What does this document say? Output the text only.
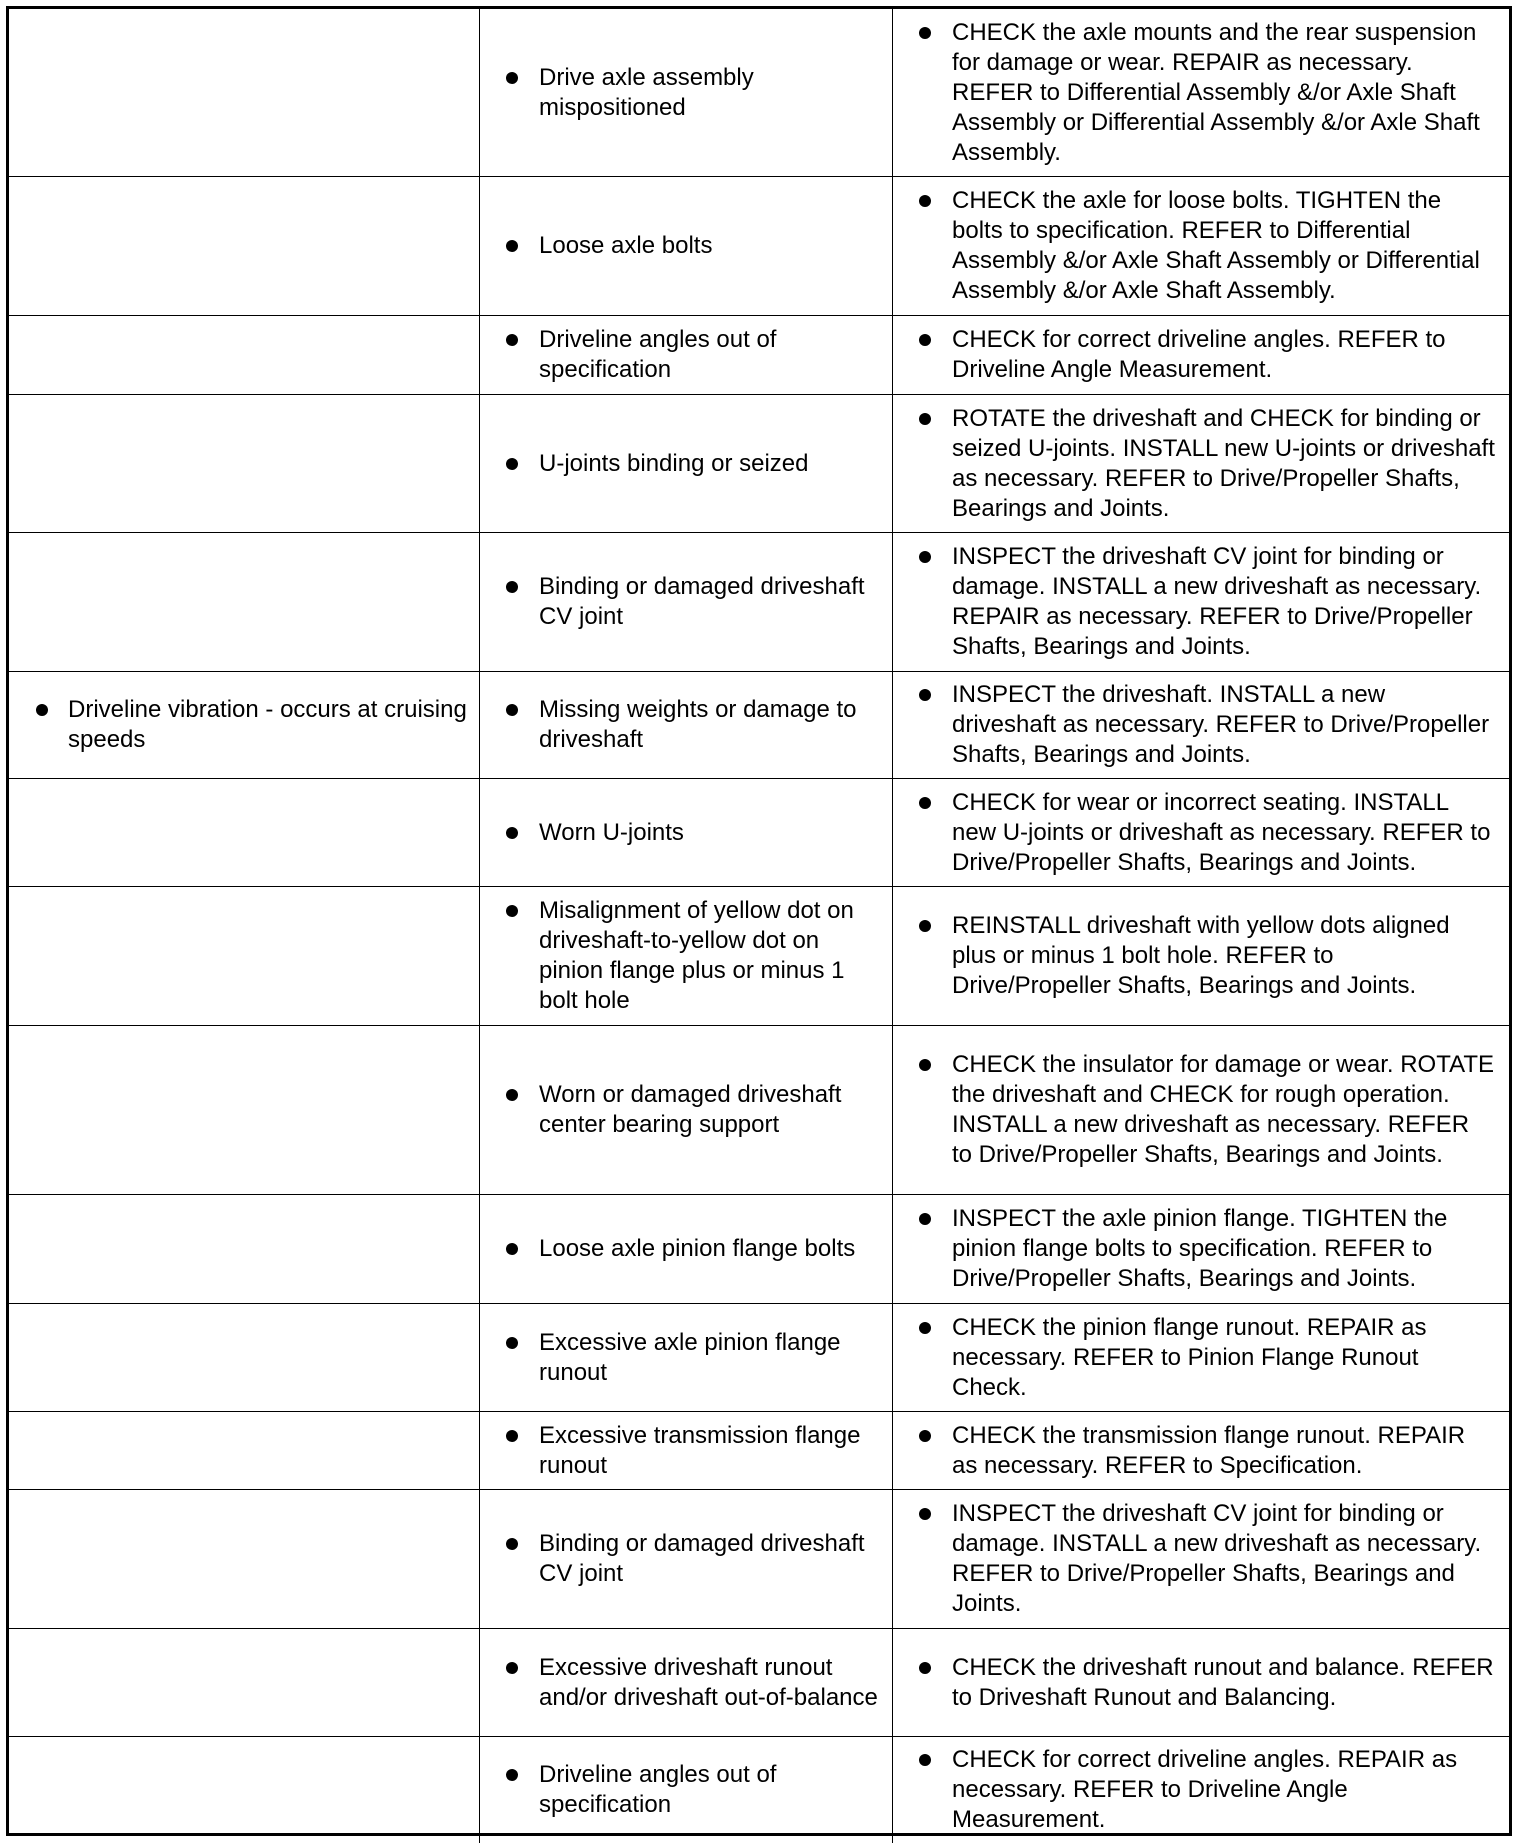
Drive axle assembly mispositioned
CHECK the axle mounts and the rear suspension for damage or wear. REPAIR as necessary. REFER to Differential Assembly &/or Axle Shaft Assembly or Differential Assembly &/or Axle Shaft Assembly.
Loose axle bolts
CHECK the axle for loose bolts. TIGHTEN the bolts to specification. REFER to Differential Assembly &/or Axle Shaft Assembly or Differential Assembly &/or Axle Shaft Assembly.
Driveline angles out of specification
CHECK for correct driveline angles. REFER to Driveline Angle Measurement.
U-joints binding or seized
ROTATE the driveshaft and CHECK for binding or seized U-joints. INSTALL new U-joints or driveshaft as necessary. REFER to Drive/Propeller Shafts, Bearings and Joints.
Binding or damaged driveshaft CV joint
INSPECT the driveshaft CV joint for binding or damage. INSTALL a new driveshaft as necessary. REPAIR as necessary. REFER to Drive/Propeller Shafts, Bearings and Joints.
Driveline vibration - occurs at cruising speeds
Missing weights or damage to driveshaft
INSPECT the driveshaft. INSTALL a new driveshaft as necessary. REFER to Drive/Propeller Shafts, Bearings and Joints.
Worn U-joints
CHECK for wear or incorrect seating. INSTALL new U-joints or driveshaft as necessary. REFER to Drive/Propeller Shafts, Bearings and Joints.
Misalignment of yellow dot on driveshaft-to-yellow dot on pinion flange plus or minus 1 bolt hole
REINSTALL driveshaft with yellow dots aligned plus or minus 1 bolt hole. REFER to Drive/Propeller Shafts, Bearings and Joints.
Worn or damaged driveshaft center bearing support
CHECK the insulator for damage or wear. ROTATE the driveshaft and CHECK for rough operation. INSTALL a new driveshaft as necessary. REFER to Drive/Propeller Shafts, Bearings and Joints.
Loose axle pinion flange bolts
INSPECT the axle pinion flange. TIGHTEN the pinion flange bolts to specification. REFER to Drive/Propeller Shafts, Bearings and Joints.
Excessive axle pinion flange runout
CHECK the pinion flange runout. REPAIR as necessary. REFER to Pinion Flange Runout Check.
Excessive transmission flange runout
CHECK the transmission flange runout. REPAIR as necessary. REFER to Specification.
Binding or damaged driveshaft CV joint
INSPECT the driveshaft CV joint for binding or damage. INSTALL a new driveshaft as necessary. REFER to Drive/Propeller Shafts, Bearings and Joints.
Excessive driveshaft runout and/or driveshaft out-of-balance
CHECK the driveshaft runout and balance. REFER to Driveshaft Runout and Balancing.
Driveline angles out of specification
CHECK for correct driveline angles. REPAIR as necessary. REFER to Driveline Angle Measurement.
